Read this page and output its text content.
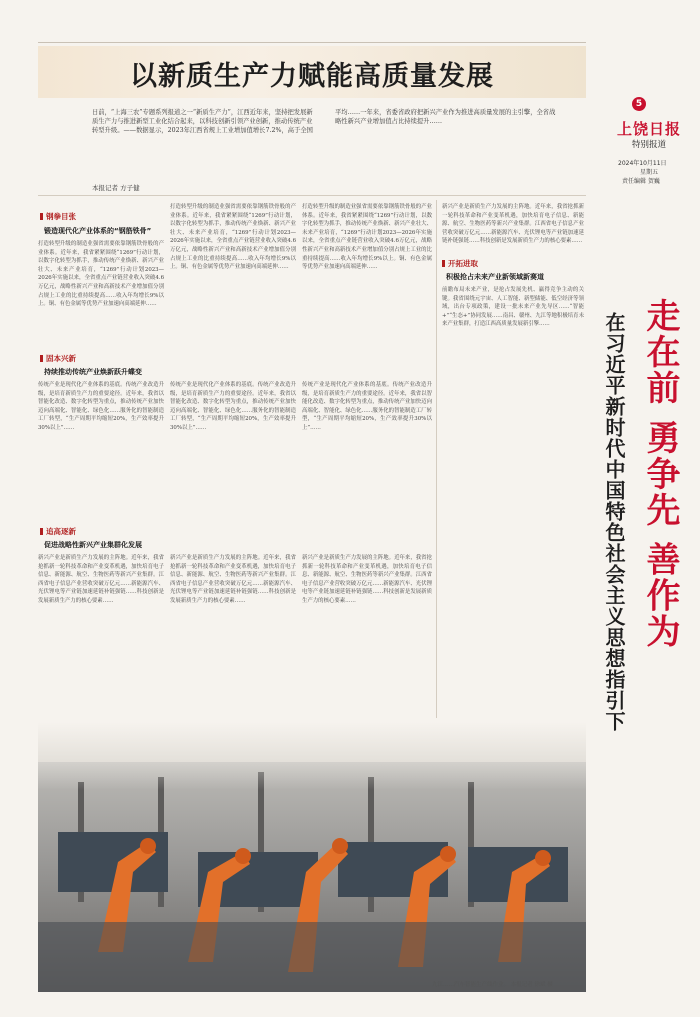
以新质生产力赋能高质量发展
日前，“上海三农”专题系列报道之一“新质生产力”，江西近年来，坚持把发展新质生产力与推进新型工业化结合起来，以科技创新引领产业创新，推动传统产业转型升级。——数据显示，2023年江西省规上工业增加值增长7.2%，高于全国平均……一年来，省委省政府把新兴产业作为推进高质量发展的主引擎，全省战略性新兴产业增加值占比持续提升……
本报记者 方子健
钢拳目张
锻造现代化产业体系的“钢筋铁骨”
打造转型升级的制造业强省需要依靠钢筋铁骨般的产业体系。近年来，我省紧紧围绕“1269”行动计划，以数字化转型为抓手，推动传统产业焕新、新兴产业壮大、未来产业培育，“1269”行动计划2023—2026年实施以来，全省重点产业链营业收入突破4.6万亿元，战略性新兴产业和高新技术产业增加值分别占规上工业的比重持续提高……收入年均增长9%以上。铜、有色金属等优势产业加速向高端延伸……
打造转型升级的制造业强省需要依靠钢筋铁骨般的产业体系。近年来，我省紧紧围绕“1269”行动计划，以数字化转型为抓手，推动传统产业焕新、新兴产业壮大、未来产业培育，“1269”行动计划2023—2026年实施以来，全省重点产业链营业收入突破4.6万亿元，战略性新兴产业和高新技术产业增加值分别占规上工业的比重持续提高……收入年均增长9%以上。铜、有色金属等优势产业加速向高端延伸……
打造转型升级的制造业强省需要依靠钢筋铁骨般的产业体系。近年来，我省紧紧围绕“1269”行动计划，以数字化转型为抓手，推动传统产业焕新、新兴产业壮大、未来产业培育，“1269”行动计划2023—2026年实施以来，全省重点产业链营业收入突破4.6万亿元，战略性新兴产业和高新技术产业增加值分别占规上工业的比重持续提高……收入年均增长9%以上。铜、有色金属等优势产业加速向高端延伸……
固本兴新
持续推动传统产业焕新跃升蝶变
传统产业是现代化产业体系的基底。传统产业改造升级，是培育新质生产力的重要途径。近年来，我省以智能化改造、数字化转型为重点，推动传统产业加快迈向高端化、智能化、绿色化……服务化的智能制造工厂转型，“生产周期平均缩短20%，生产效率提升30%以上”……
传统产业是现代化产业体系的基底。传统产业改造升级，是培育新质生产力的重要途径。近年来，我省以智能化改造、数字化转型为重点，推动传统产业加快迈向高端化、智能化、绿色化……服务化的智能制造工厂转型，“生产周期平均缩短20%，生产效率提升30%以上”……
传统产业是现代化产业体系的基底。传统产业改造升级，是培育新质生产力的重要途径。近年来，我省以智能化改造、数字化转型为重点，推动传统产业加快迈向高端化、智能化、绿色化……服务化的智能制造工厂转型，“生产周期平均缩短20%，生产效率提升30%以上”……
追高逐新
促进战略性新兴产业集群化发展
新兴产业是新质生产力发展的主阵地。近年来，我省抢抓新一轮科技革命和产业变革机遇，加快培育电子信息、新能源、航空、生物医药等新兴产业集群。江西省电子信息产业营收突破万亿元……新能源汽车、光伏锂电等产业链加速延链补链强链……科技创新是发展新质生产力的核心要素……
新兴产业是新质生产力发展的主阵地。近年来，我省抢抓新一轮科技革命和产业变革机遇，加快培育电子信息、新能源、航空、生物医药等新兴产业集群。江西省电子信息产业营收突破万亿元……新能源汽车、光伏锂电等产业链加速延链补链强链……科技创新是发展新质生产力的核心要素……
新兴产业是新质生产力发展的主阵地。近年来，我省抢抓新一轮科技革命和产业变革机遇，加快培育电子信息、新能源、航空、生物医药等新兴产业集群。江西省电子信息产业营收突破万亿元……新能源汽车、光伏锂电等产业链加速延链补链强链……科技创新是发展新质生产力的核心要素……
开拓进取
积极抢占未来产业新领域新赛道
前瞻布局未来产业，是抢占发展先机、赢得竞争主动的关键。我省围绕元宇宙、人工智能、新型储能、低空经济等领域，出台专项政策，建设一批未来产业先导区……“智能+”“生态+”协同发展……南昌、赣州、九江等地积极培育未来产业集群，打造江西高质量发展新引擎……
新兴产业是新质生产力发展的主阵地。近年来，我省抢抓新一轮科技革命和产业变革机遇，加快培育电子信息、新能源、航空、生物医药等新兴产业集群。江西省电子信息产业营收突破万亿元……新能源汽车、光伏锂电等产业链加速延链补链强链……科技创新是发展新质生产力的核心要素……
5
上饶日报
特别报道
2024年10月11日
星期五
责任编辑 贺巍
走在前 勇争先 善作为
在习近平新时代中国特色社会主义思想指引下
九江……汽车智能生产线作业。 本报记者 徐斌 摄
